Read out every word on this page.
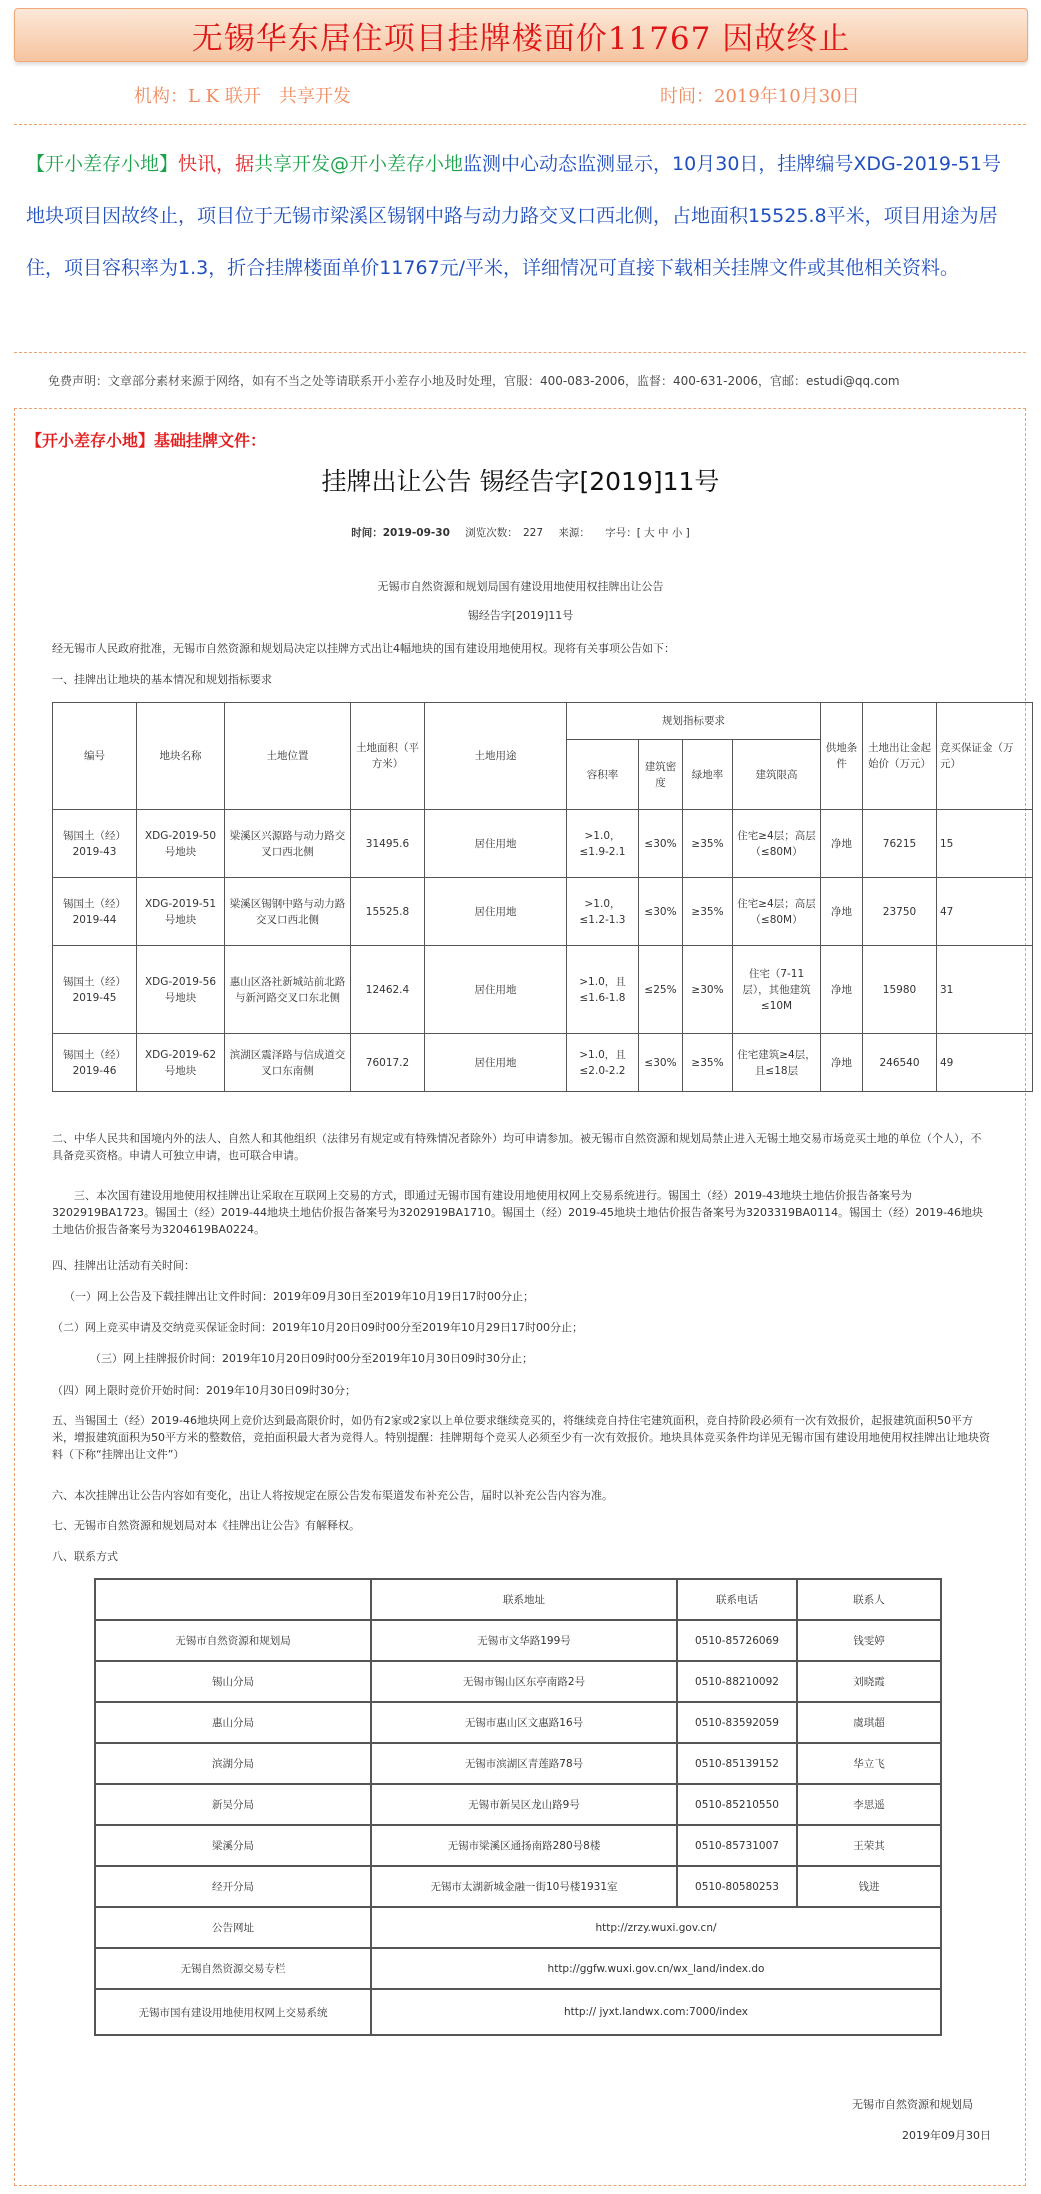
无锡华东居住项目挂牌楼面价11767 因故终止
机构：L K 联开　共享开发	时间：2019年10月30日
【开小差存小地】快讯，据共享开发@开小差存小地监测中心动态监测显示，10月30日，挂牌编号XDG-2019-51号地块项目因故终止，项目位于无锡市梁溪区锡钢中路与动力路交叉口西北侧，占地面积15525.8平米，项目用途为居住，项目容积率为1.3，折合挂牌楼面单价11767元/平米，详细情况可直接下载相关挂牌文件或其他相关资料。
免费声明：文章部分素材来源于网络，如有不当之处等请联系开小差存小地及时处理，官服：400-083-2006，监督：400-631-2006，官邮：estudi@qq.com
【开小差存小地】基础挂牌文件：
挂牌出让公告 锡经告字[2019]11号
时间：2019-09-30 浏览次数：　227 来源： 字号：[ 大 中 小 ]
无锡市自然资源和规划局国有建设用地使用权挂牌出让公告
锡经告字[2019]11号
经无锡市人民政府批准，无锡市自然资源和规划局决定以挂牌方式出让4幅地块的国有建设用地使用权。现将有关事项公告如下：
一、挂牌出让地块的基本情况和规划指标要求
编号	地块名称	土地位置	土地面积（平方米）	土地用途	规划指标要求				供地条件	土地出让金起始价（万元）	竞买保证金（万元）
					容积率	建筑密度	绿地率	建筑限高			
锡国土（经）2019-43	XDG-2019-50号地块	梁溪区兴源路与动力路交叉口西北侧	31495.6	居住用地	>1.0，≤1.9-2.1	≤30%	≥35%	住宅≥4层；高层（≤80M）	净地	76215	15
锡国土（经）2019-44	XDG-2019-51号地块	梁溪区锡钢中路与动力路交叉口西北侧	15525.8	居住用地	>1.0，≤1.2-1.3	≤30%	≥35%	住宅≥4层；高层（≤80M）	净地	23750	47
锡国土（经）2019-45	XDG-2019-56号地块	惠山区洛社新城站前北路与新河路交叉口东北侧	12462.4	居住用地	>1.0，且≤1.6-1.8	≤25%	≥30%	住宅（7-11层），其他建筑≤10M	净地	15980	31
锡国土（经）2019-46	XDG-2019-62号地块	滨湖区震泽路与信成道交叉口东南侧	76017.2	居住用地	>1.0，且≤2.0-2.2	≤30%	≥35%	住宅建筑≥4层，且≤18层	净地	246540	49
二、中华人民共和国境内外的法人、自然人和其他组织（法律另有规定或有特殊情况者除外）均可申请参加。被无锡市自然资源和规划局禁止进入无锡土地交易市场竞买土地的单位（个人），不具备竞买资格。申请人可独立申请，也可联合申请。
三、本次国有建设用地使用权挂牌出让采取在互联网上交易的方式，即通过无锡市国有建设用地使用权网上交易系统进行。锡国土（经）2019-43地块土地估价报告备案号为3202919BA1723。锡国土（经）2019-44地块土地估价报告备案号为3202919BA1710。锡国土（经）2019-45地块土地估价报告备案号为3203319BA0114。锡国土（经）2019-46地块土地估价报告备案号为3204619BA0224。
四、挂牌出让活动有关时间：
（一）网上公告及下载挂牌出让文件时间：2019年09月30日至2019年10月19日17时00分止；
（二）网上竞买申请及交纳竞买保证金时间：2019年10月20日09时00分至2019年10月29日17时00分止；
（三）网上挂牌报价时间：2019年10月20日09时00分至2019年10月30日09时30分止；
（四）网上限时竞价开始时间：2019年10月30日09时30分；
五、当锡国土（经）2019-46地块网上竞价达到最高限价时，如仍有2家或2家以上单位要求继续竞买的，将继续竞自持住宅建筑面积，竞自持阶段必须有一次有效报价，起报建筑面积50平方米，增报建筑面积为50平方米的整数倍，竞拍面积最大者为竞得人。特别提醒：挂牌期每个竞买人必须至少有一次有效报价。地块具体竞买条件均详见无锡市国有建设用地使用权挂牌出让地块资料（下称“挂牌出让文件”）
六、本次挂牌出让公告内容如有变化，出让人将按规定在原公告发布渠道发布补充公告，届时以补充公告内容为准。
七、无锡市自然资源和规划局对本《挂牌出让公告》有解释权。
八、联系方式
	联系地址	联系电话	联系人
无锡市自然资源和规划局	无锡市文华路199号	0510-85726069	钱雯婷
锡山分局	无锡市锡山区东亭南路2号	0510-88210092	刘晓霞
惠山分局	无锡市惠山区文惠路16号	0510-83592059	虞琪超
滨湖分局	无锡市滨湖区青莲路78号	0510-85139152	华立飞
新吴分局	无锡市新吴区龙山路9号	0510-85210550	李思遥
梁溪分局	无锡市梁溪区通扬南路280号8楼	0510-85731007	王荣其
经开分局	无锡市太湖新城金融一街10号楼1931室	0510-80580253	钱进
公告网址	http://zrzy.wuxi.gov.cn/		
无锡自然资源交易专栏	http://ggfw.wuxi.gov.cn/wx_land/index.do		
无锡市国有建设用地使用权网上交易系统	http:// jyxt.landwx.com:7000/index		
无锡市自然资源和规划局
2019年09月30日
